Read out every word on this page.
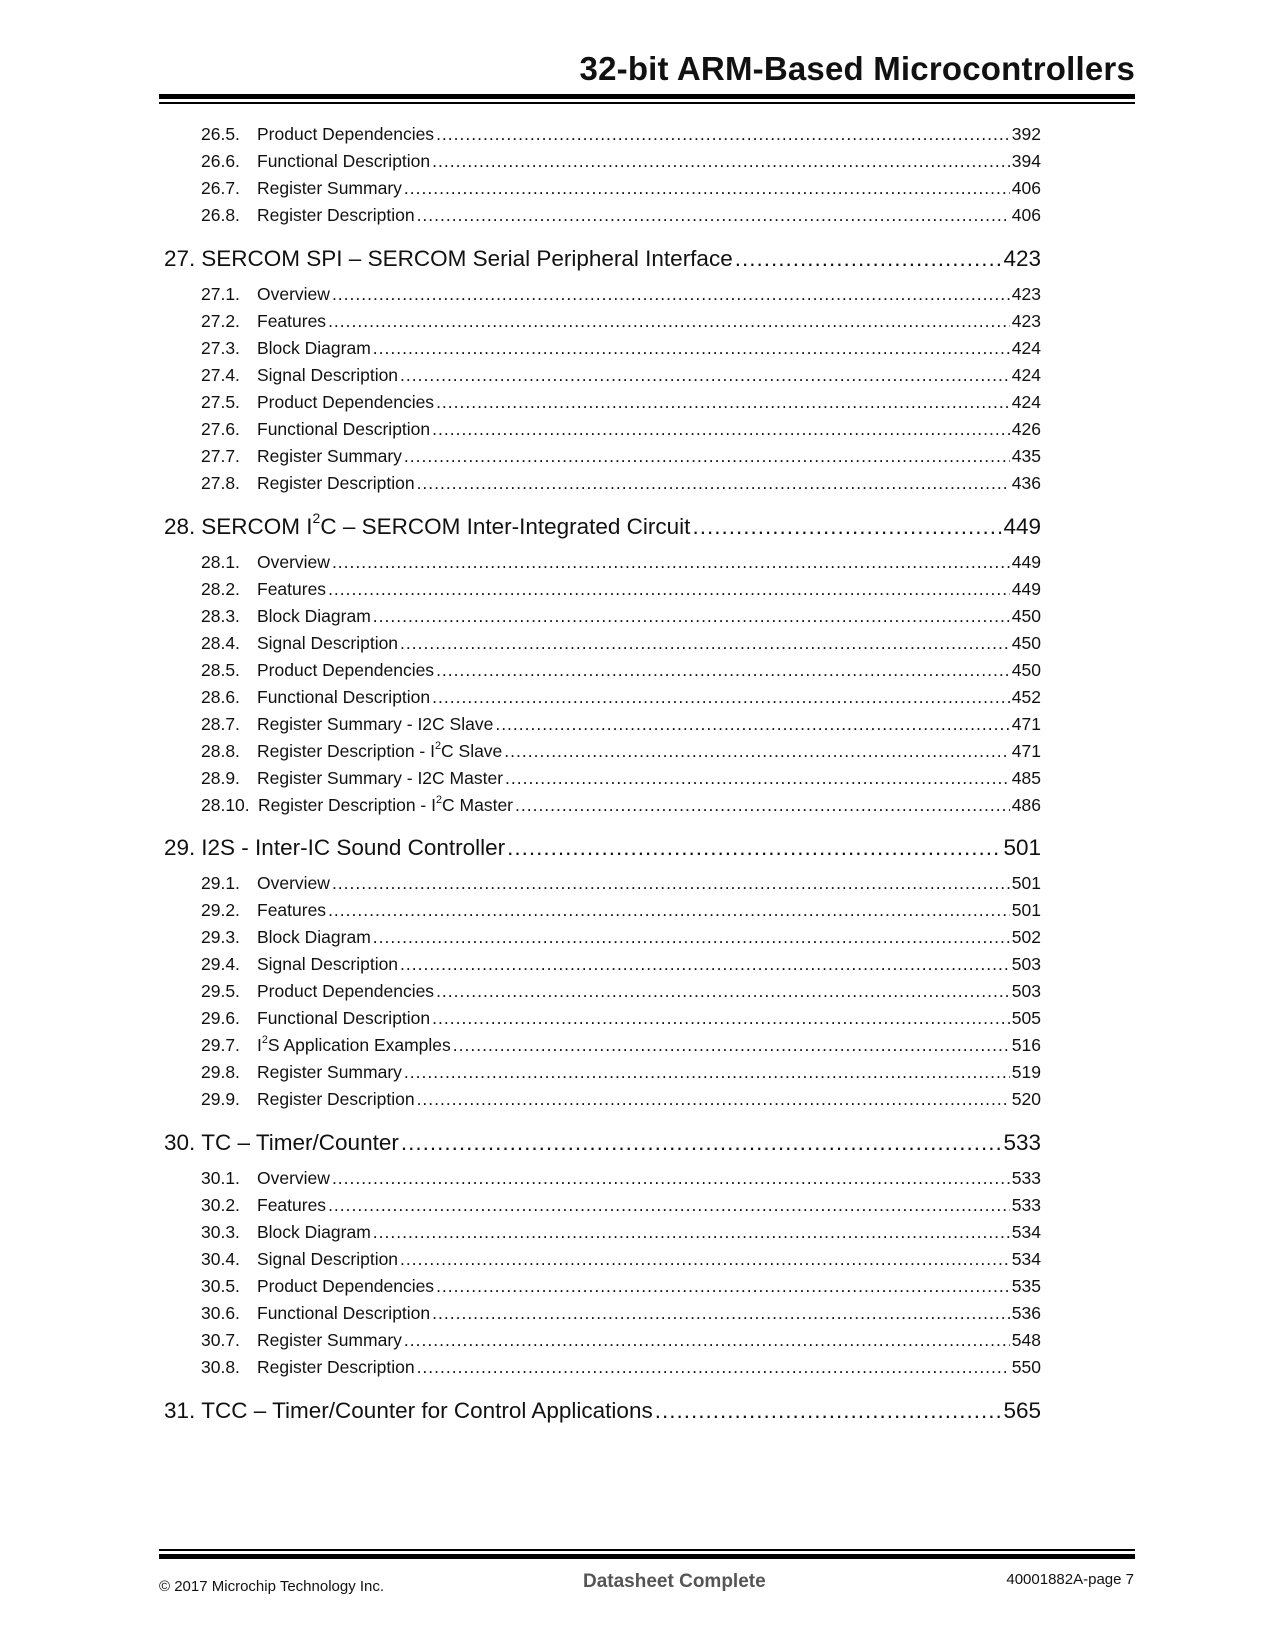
32-bit ARM-Based Microcontrollers
26.5. Product Dependencies .....	392
26.6. Functional Description .....	394
26.7. Register Summary .....	406
26.8. Register Description .....	406
27. SERCOM SPI – SERCOM Serial Peripheral Interface .....	423
27.1. Overview .....	423
27.2. Features .....	423
27.3. Block Diagram .....	424
27.4. Signal Description .....	424
27.5. Product Dependencies .....	424
27.6. Functional Description .....	426
27.7. Register Summary .....	435
27.8. Register Description .....	436
28. SERCOM $I^2C$ – SERCOM Inter-Integrated Circuit .....	449
28.1. Overview .....	449
28.2. Features .....	449
28.3. Block Diagram .....	450
28.4. Signal Description .....	450
28.5. Product Dependencies .....	450
28.6. Functional Description .....	452
28.7. Register Summary - I2C Slave .....	471
28.8. Register Description - $I^2C$ Slave .....	471
28.9. Register Summary - I2C Master .....	485
28.10. Register Description - $I^2C$ Master .....	486
29. I2S - Inter-IC Sound Controller .....	501
29.1. Overview .....	501
29.2. Features .....	501
29.3. Block Diagram .....	502
29.4. Signal Description .....	503
29.5. Product Dependencies .....	503
29.6. Functional Description .....	505
29.7. $I^2S$ Application Examples .....	516
29.8. Register Summary .....	519
29.9. Register Description .....	520
30. TC – Timer/Counter .....	533
30.1. Overview .....	533
30.2. Features .....	533
30.3. Block Diagram .....	534
30.4. Signal Description .....	534
30.5. Product Dependencies .....	535
30.6. Functional Description .....	536
30.7. Register Summary .....	548
30.8. Register Description .....	550
31. TCC – Timer/Counter for Control Applications .....	565
© 2017 Microchip Technology Inc.	Datasheet Complete	40001882A-page 7
